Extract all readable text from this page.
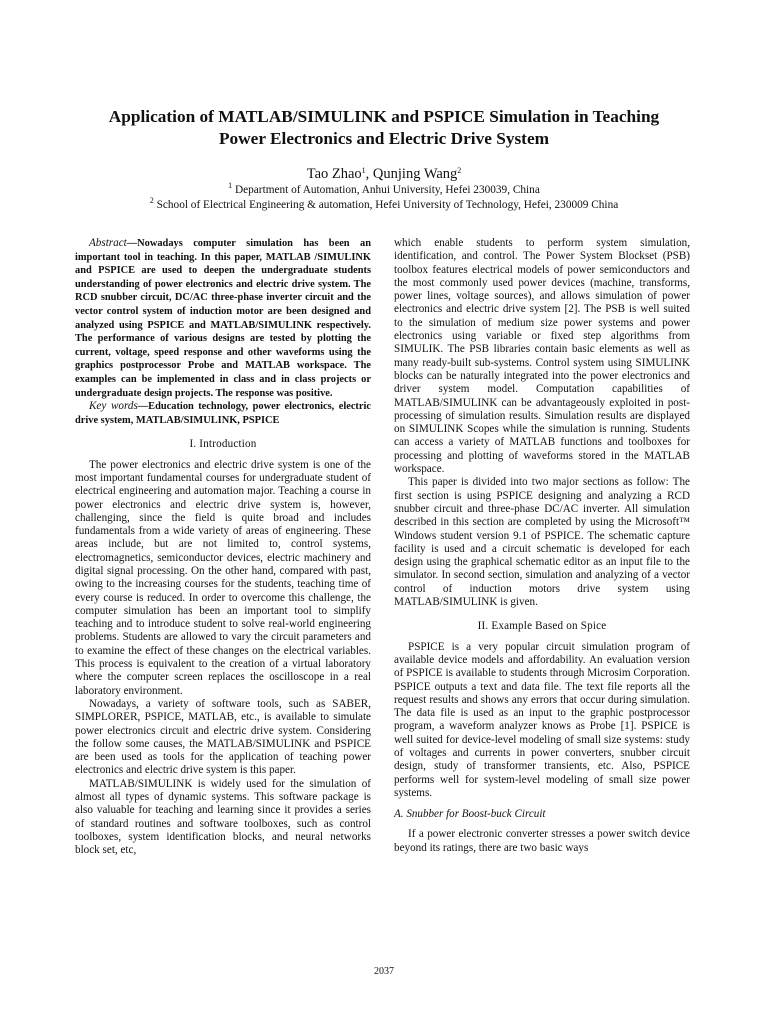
Application of MATLAB/SIMULINK and PSPICE Simulation in Teaching
Power Electronics and Electric Drive System
Tao Zhao$^1$, Qunjing Wang$^2$
$^1$ Department of Automation, Anhui University, Hefei 230039, China
$^2$ School of Electrical Engineering & automation, Hefei University of Technology, Hefei, 230009 China

Abstract—Nowadays computer simulation has been an important tool in teaching. In this paper, MATLAB /SIMULINK and PSPICE are used to deepen the undergraduate students understanding of power electronics and electric drive system. The RCD snubber circuit, DC/AC three-phase inverter circuit and the vector control system of induction motor are been designed and analyzed using PSPICE and MATLAB/SIMULINK respectively. The performance of various designs are tested by plotting the current, voltage, speed response and other waveforms using the graphics postprocessor Probe and MATLAB workspace. The examples can be implemented in class and in class projects or undergraduate design projects. The response was positive.

Key words—Education technology, power electronics, electric drive system, MATLAB/SIMULINK, PSPICE

I. Introduction

The power electronics and electric drive system is one of the most important fundamental courses for undergraduate student of electrical engineering and automation major. Teaching a course in power electronics and electric drive system is, however, challenging, since the field is quite broad and includes fundamentals from a wide variety of areas of engineering. These areas include, but are not limited to, control systems, electromagnetics, semiconductor devices, electric machinery and digital signal processing. On the other hand, compared with past, owing to the increasing courses for the students, teaching time of every course is reduced. In order to overcome this challenge, the computer simulation has been an important tool to simplify teaching and to introduce student to solve real-world engineering problems. Students are allowed to vary the circuit parameters and to examine the effect of these changes on the electrical variables. This process is equivalent to the creation of a virtual laboratory where the computer screen replaces the oscilloscope in a real laboratory environment.

Nowadays, a variety of software tools, such as SABER, SIMPLORER, PSPICE, MATLAB, etc., is available to simulate power electronics circuit and electric drive system. Considering the follow some causes, the MATLAB/SIMULINK and PSPICE are been used as tools for the application of teaching power electronics and electric drive system is this paper.

MATLAB/SIMULINK is widely used for the simulation of almost all types of dynamic systems. This software package is also valuable for teaching and learning since it provides a series of standard routines and software toolboxes, such as control toolboxes, system identification blocks, and neural networks block set, etc,

which enable students to perform system simulation, identification, and control. The Power System Blockset (PSB) toolbox features electrical models of power semiconductors and the most commonly used power devices (machine, transforms, power lines, voltage sources), and allows simulation of power electronics and electric drive system [2]. The PSB is well suited to the simulation of medium size power systems and power electronics using variable or fixed step algorithms from SIMULIK. The PSB libraries contain basic elements as well as many ready-built sub-systems. Control system using SIMULINK blocks can be naturally integrated into the power electronics and driver system model. Computation capabilities of MATLAB/SIMULINK can be advantageously exploited in post-processing of simulation results. Simulation results are displayed on SIMULINK Scopes while the simulation is running. Students can access a variety of MATLAB functions and toolboxes for processing and plotting of waveforms stored in the MATLAB workspace.

This paper is divided into two major sections as follow: The first section is using PSPICE designing and analyzing a RCD snubber circuit and three-phase DC/AC inverter. All simulation described in this section are completed by using the Microsoft™ Windows student version 9.1 of PSPICE. The schematic capture facility is used and a circuit schematic is developed for each design using the graphical schematic editor as an input file to the simulator. In second section, simulation and analyzing of a vector control of induction motors drive system using MATLAB/SIMULINK is given.

II. Example Based on Spice

PSPICE is a very popular circuit simulation program of available device models and affordability. An evaluation version of PSPICE is available to students through Microsim Corporation. PSPICE outputs a text and data file. The text file reports all the request results and shows any errors that occur during simulation. The data file is used as an input to the graphic postprocessor program, a waveform analyzer knows as Probe [1]. PSPICE is well suited for device-level modeling of small size systems: study of voltages and currents in power converters, snubber circuit design, study of transformer transients, etc. Also, PSPICE performs well for system-level modeling of small size power systems.

A. Snubber for Boost-buck Circuit

If a power electronic converter stresses a power switch device beyond its ratings, there are two basic ways

2037
